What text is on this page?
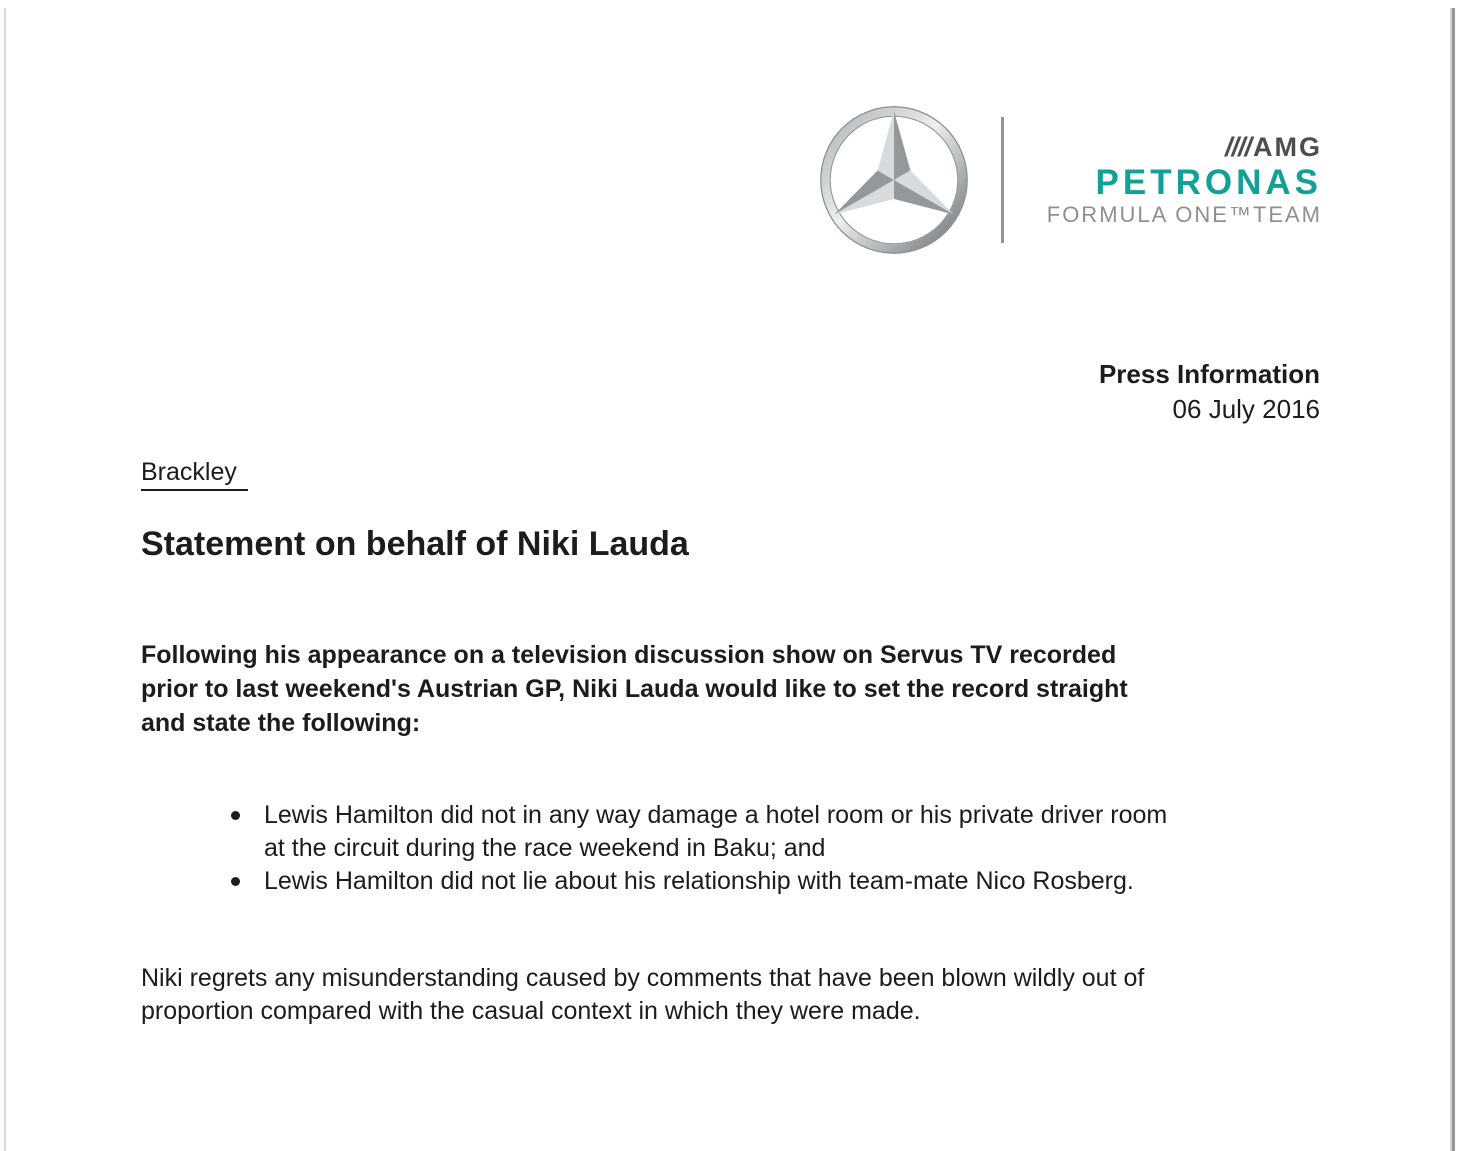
////AMG
PETRONAS
FORMULA ONE™TEAM
Press Information
06 July 2016
Brackley
Statement on behalf of Niki Lauda
Following his appearance on a television discussion show on Servus TV recorded
prior to last weekend's Austrian GP, Niki Lauda would like to set the record straight
and state the following:
Lewis Hamilton did not in any way damage a hotel room or his private driver room
at the circuit during the race weekend in Baku; and
Lewis Hamilton did not lie about his relationship with team-mate Nico Rosberg.
Niki regrets any misunderstanding caused by comments that have been blown wildly out of
proportion compared with the casual context in which they were made.
